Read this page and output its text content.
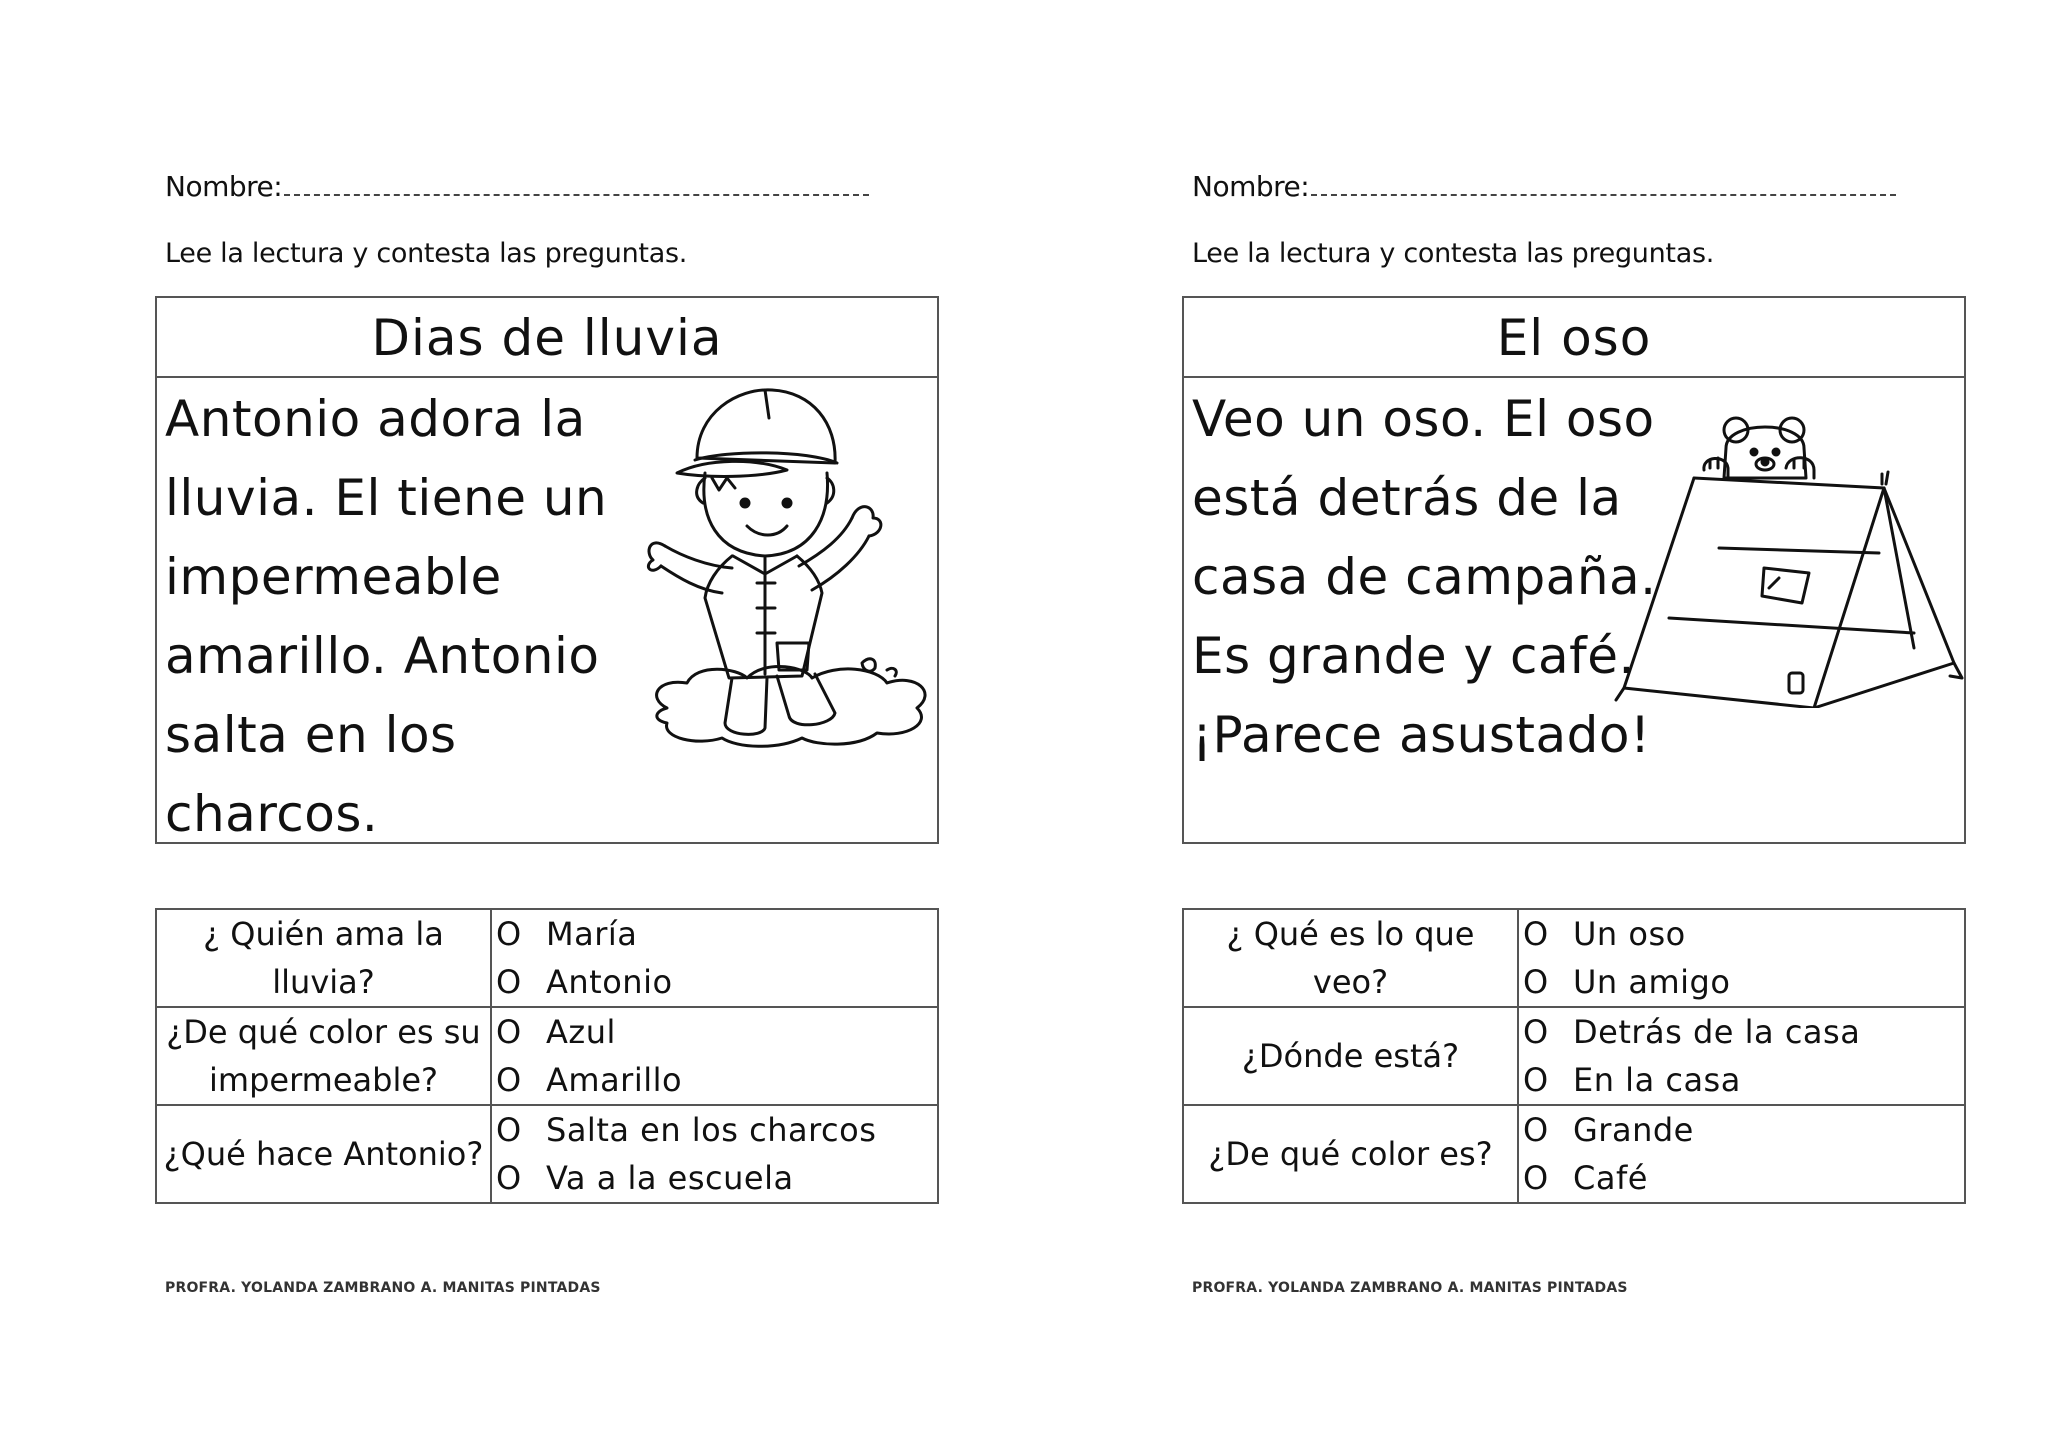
Nombre:
Lee la lectura y contesta las preguntas.
Dias de lluvia
Antonio adora la
lluvia. El tiene un
impermeable
amarillo. Antonio
salta en los
charcos.
¿ Quién ama la lluvia?	O María
O Antonio

¿De qué color es su impermeable?	O Azul
O Amarillo

¿Qué hace Antonio?	O Salta en los charcos
O Va a la escuela
PROFRA. YOLANDA ZAMBRANO A. MANITAS PINTADAS
Nombre:
Lee la lectura y contesta las preguntas.
El oso
Veo un oso. El oso
está detrás de la
casa de campaña.
Es grande y café.
¡Parece asustado!
¿ Qué es lo que veo?	O Un oso
O Un amigo

¿Dónde está?	O Detrás de la casa
O En la casa

¿De qué color es?	O Grande
O Café
PROFRA. YOLANDA ZAMBRANO A. MANITAS PINTADAS
